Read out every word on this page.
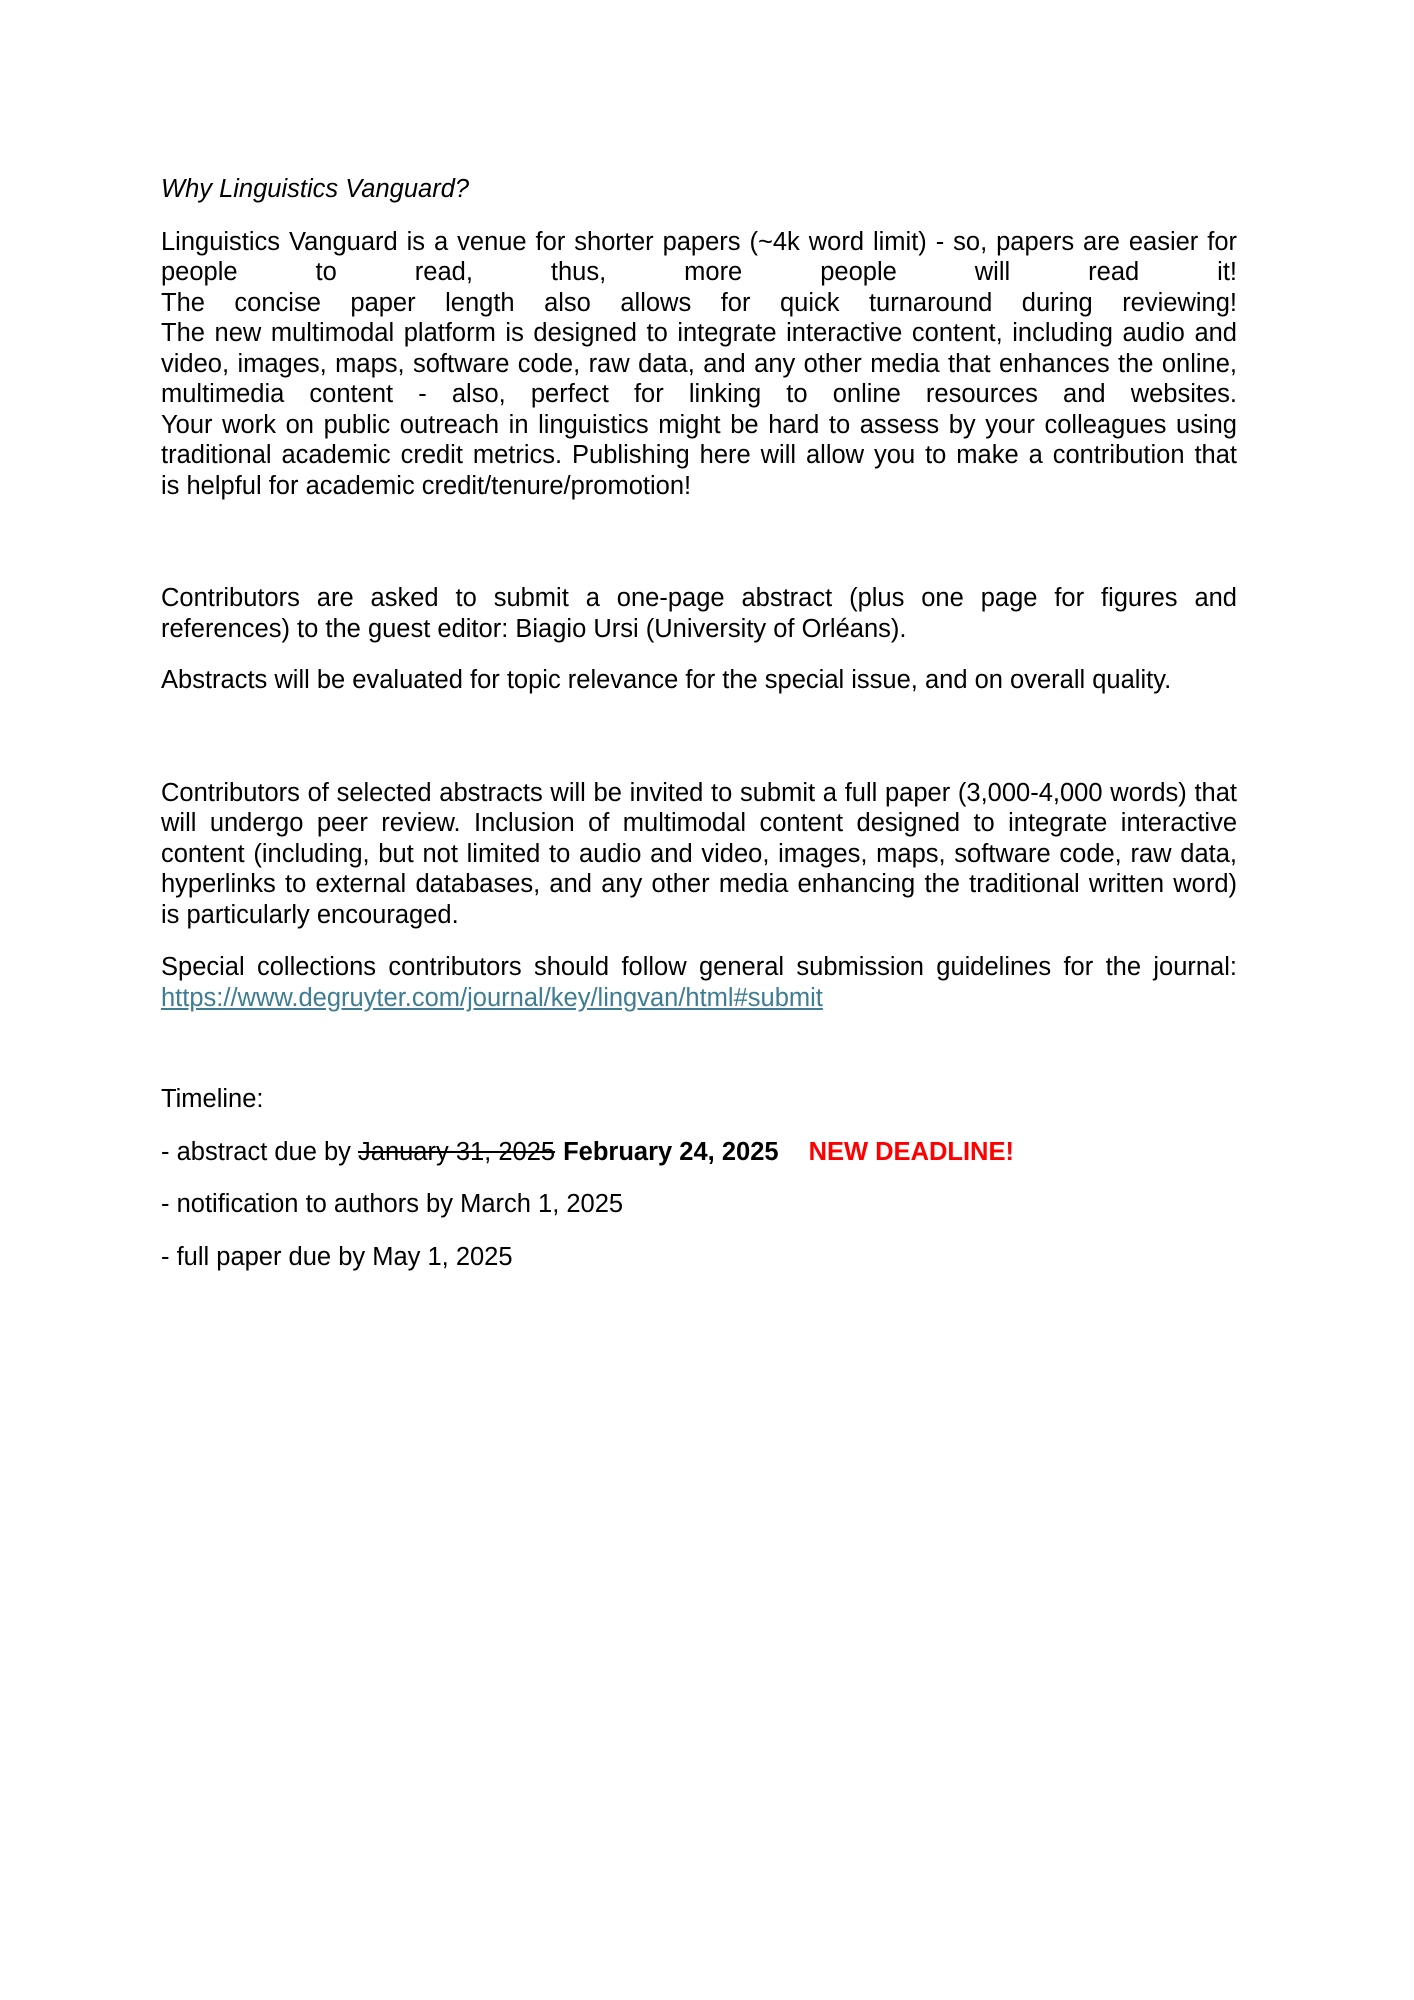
Why Linguistics Vanguard?
Linguistics Vanguard is a venue for shorter papers (~4k word limit) - so, papers are easier for
people to read, thus, more people will read it!
The concise paper length also allows for quick turnaround during reviewing!
The new multimodal platform is designed to integrate interactive content, including audio and
video, images, maps, software code, raw data, and any other media that enhances the online,
multimedia content - also, perfect for linking to online resources and websites.
Your work on public outreach in linguistics might be hard to assess by your colleagues using
traditional academic credit metrics. Publishing here will allow you to make a contribution that
is helpful for academic credit/tenure/promotion!
Contributors are asked to submit a one-page abstract (plus one page for figures and
references) to the guest editor: Biagio Ursi (University of Orléans).
Abstracts will be evaluated for topic relevance for the special issue, and on overall quality.
Contributors of selected abstracts will be invited to submit a full paper (3,000-4,000 words) that
will undergo peer review. Inclusion of multimodal content designed to integrate interactive
content (including, but not limited to audio and video, images, maps, software code, raw data,
hyperlinks to external databases, and any other media enhancing the traditional written word)
is particularly encouraged.
Special collections contributors should follow general submission guidelines for the journal:
https://www.degruyter.com/journal/key/lingvan/html#submit
Timeline:
- abstract due by January 31, 2025 February 24, 2025 NEW DEADLINE!
- notification to authors by March 1, 2025
- full paper due by May 1, 2025
